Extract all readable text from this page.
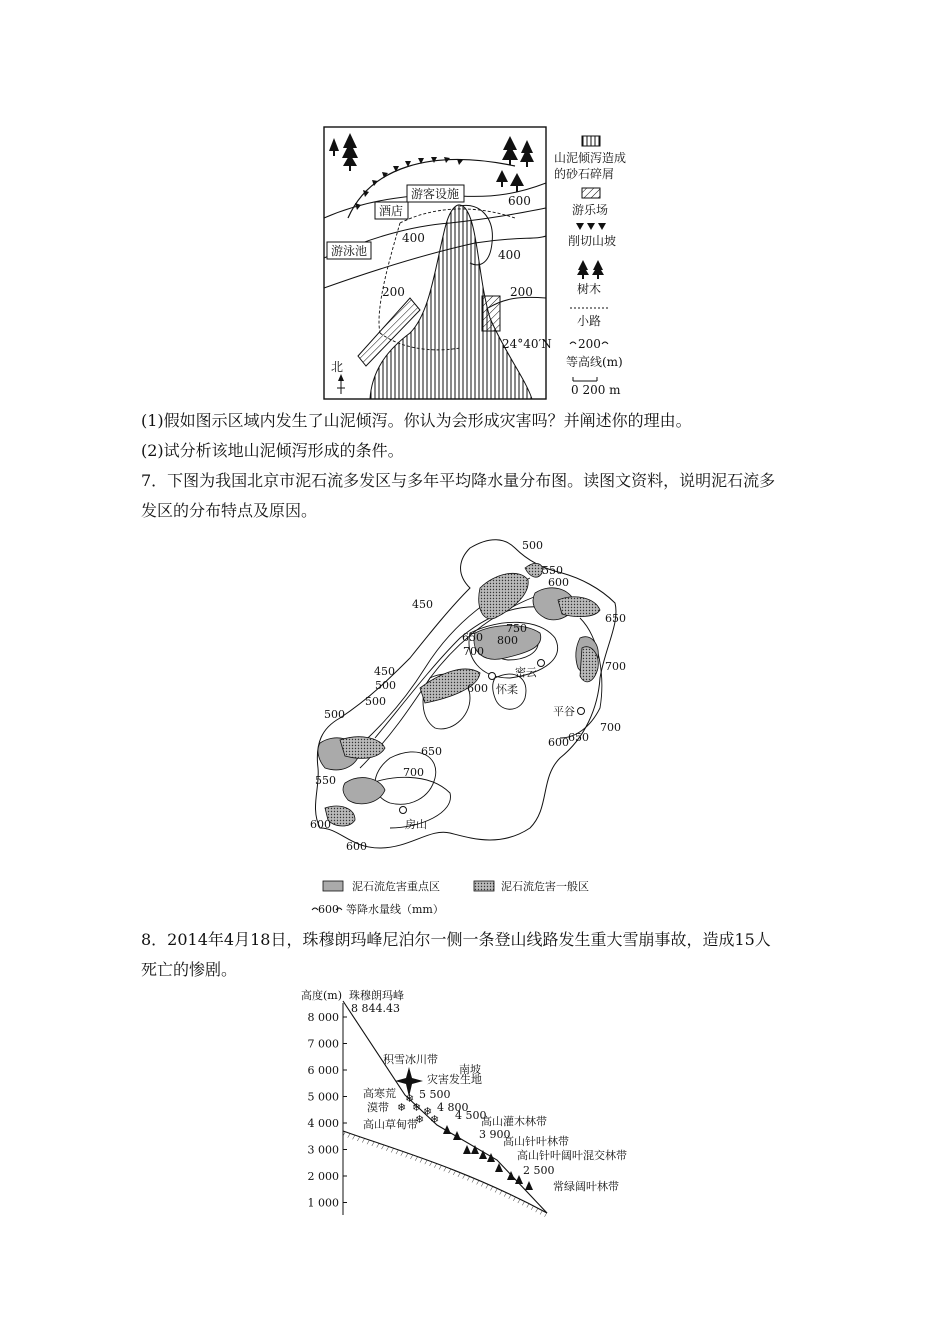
游客设施
酒店
游泳池
600
400
400
200	200
24°40′N
北
山泥倾泻造成
的砂石碎屑
游乐场
削切山坡
树木
小路
200
等高线(m)
0 200 m
(1)假如图示区域内发生了山泥倾泻。你认为会形成灾害吗？并阐述你的理由。
(2)试分析该地山泥倾泻形成的条件。
7．下图为我国北京市泥石流多发区与多年平均降水量分布图。读图文资料，说明泥石流多
发区的分布特点及原因。
密云
怀柔
平谷
房山
500
550
600
450
650
750
800
650
700
700
450
500	600
500
500
700
650
600
650
700
550
600
600
泥石流危害重点区	泥石流危害一般区
600 等降水量线（mm）
8．2014年4月18日，珠穆朗玛峰尼泊尔一侧一条登山线路发生重大雪崩事故，造成15人
死亡的惨剧。
高度(m)
8 000
7 000
6 000
5 000
4 000
3 000
2 000
1 000
珠穆朗玛峰
8 844.43
❄
❄ ❄ ❄
❄ ❄
积雪冰川带
南坡
灾害发生地
高寒荒
漠带
5 500
4 800
高山草甸带
4 500
高山灌木林带
3 900
高山针叶林带
高山针叶阔叶混交林带
2 500
常绿阔叶林带
